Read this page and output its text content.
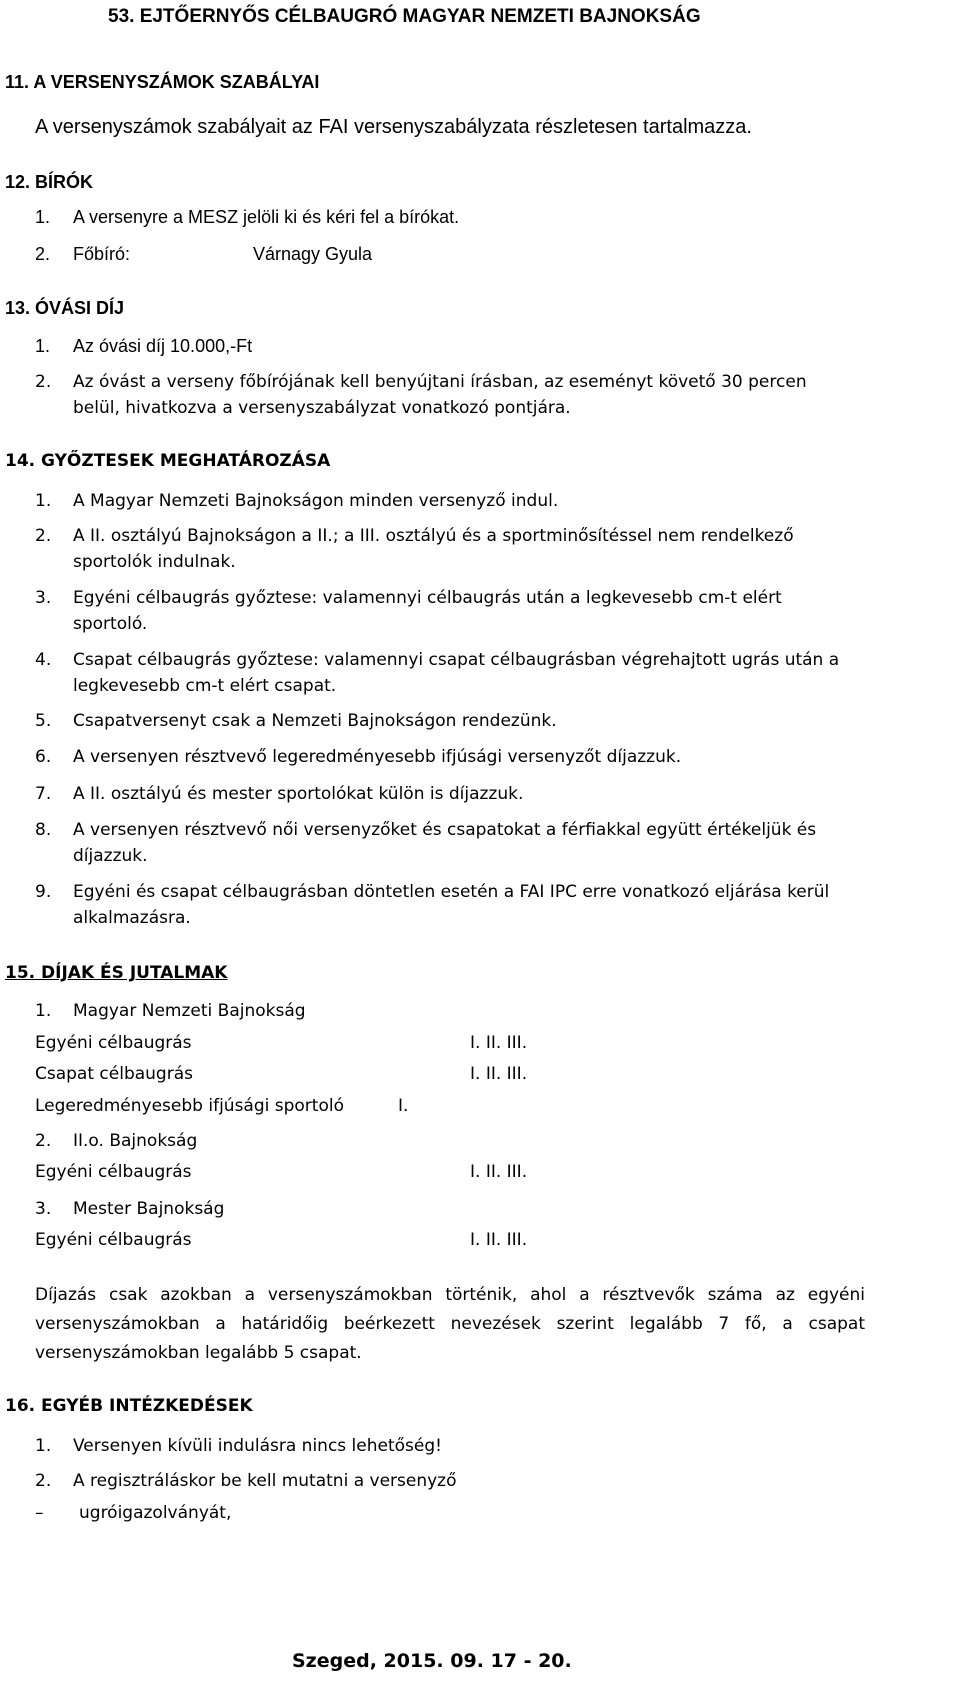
53. EJTŐERNYŐS CÉLBAUGRÓ MAGYAR NEMZETI BAJNOKSÁG
11. A VERSENYSZÁMOK SZABÁLYAI
A versenyszámok szabályait az FAI versenyszabályzata részletesen tartalmazza.
12. BÍRÓK
1. A versenyre a MESZ jelöli ki és kéri fel a bírókat.
2. Főbíró:	Várnagy Gyula
13. ÓVÁSI DÍJ
1. Az óvási díj 10.000,-Ft
2. Az óvást a verseny főbírójának kell benyújtani írásban, az eseményt követő 30 percen
belül, hivatkozva a versenyszabályzat vonatkozó pontjára.
14. GYŐZTESEK MEGHATÁROZÁSA
1. A Magyar Nemzeti Bajnokságon minden versenyző indul.
2. A II. osztályú Bajnokságon a II.; a III. osztályú és a sportminősítéssel nem rendelkező
sportolók indulnak.
3. Egyéni célbaugrás győztese: valamennyi célbaugrás után a legkevesebb cm-t elért
sportoló.
4. Csapat célbaugrás győztese: valamennyi csapat célbaugrásban végrehajtott ugrás után a
legkevesebb cm-t elért csapat.
5. Csapatversenyt csak a Nemzeti Bajnokságon rendezünk.
6. A versenyen résztvevő legeredményesebb ifjúsági versenyzőt díjazzuk.
7. A II. osztályú és mester sportolókat külön is díjazzuk.
8. A versenyen résztvevő női versenyzőket és csapatokat a férfiakkal együtt értékeljük és
díjazzuk.
9. Egyéni és csapat célbaugrásban döntetlen esetén a FAI IPC erre vonatkozó eljárása kerül
alkalmazásra.
15. DÍJAK ÉS JUTALMAK
1. Magyar Nemzeti Bajnokság
Egyéni célbaugrás	I. II. III.
Csapat célbaugrás	I. II. III.
Legeredményesebb ifjúsági sportoló	I.
2. II.o. Bajnokság
Egyéni célbaugrás	I. II. III.
3. Mester Bajnokság
Egyéni célbaugrás	I. II. III.
Díjazás csak azokban a versenyszámokban történik, ahol a résztvevők száma az egyéni
versenyszámokban a határidőig beérkezett nevezések szerint legalább 7 fő, a csapat
versenyszámokban legalább 5 csapat.
16. EGYÉB INTÉZKEDÉSEK
1. Versenyen kívüli indulásra nincs lehetőség!
2. A regisztráláskor be kell mutatni a versenyző
– ugróigazolványát,
Szeged, 2015. 09. 17 - 20.
